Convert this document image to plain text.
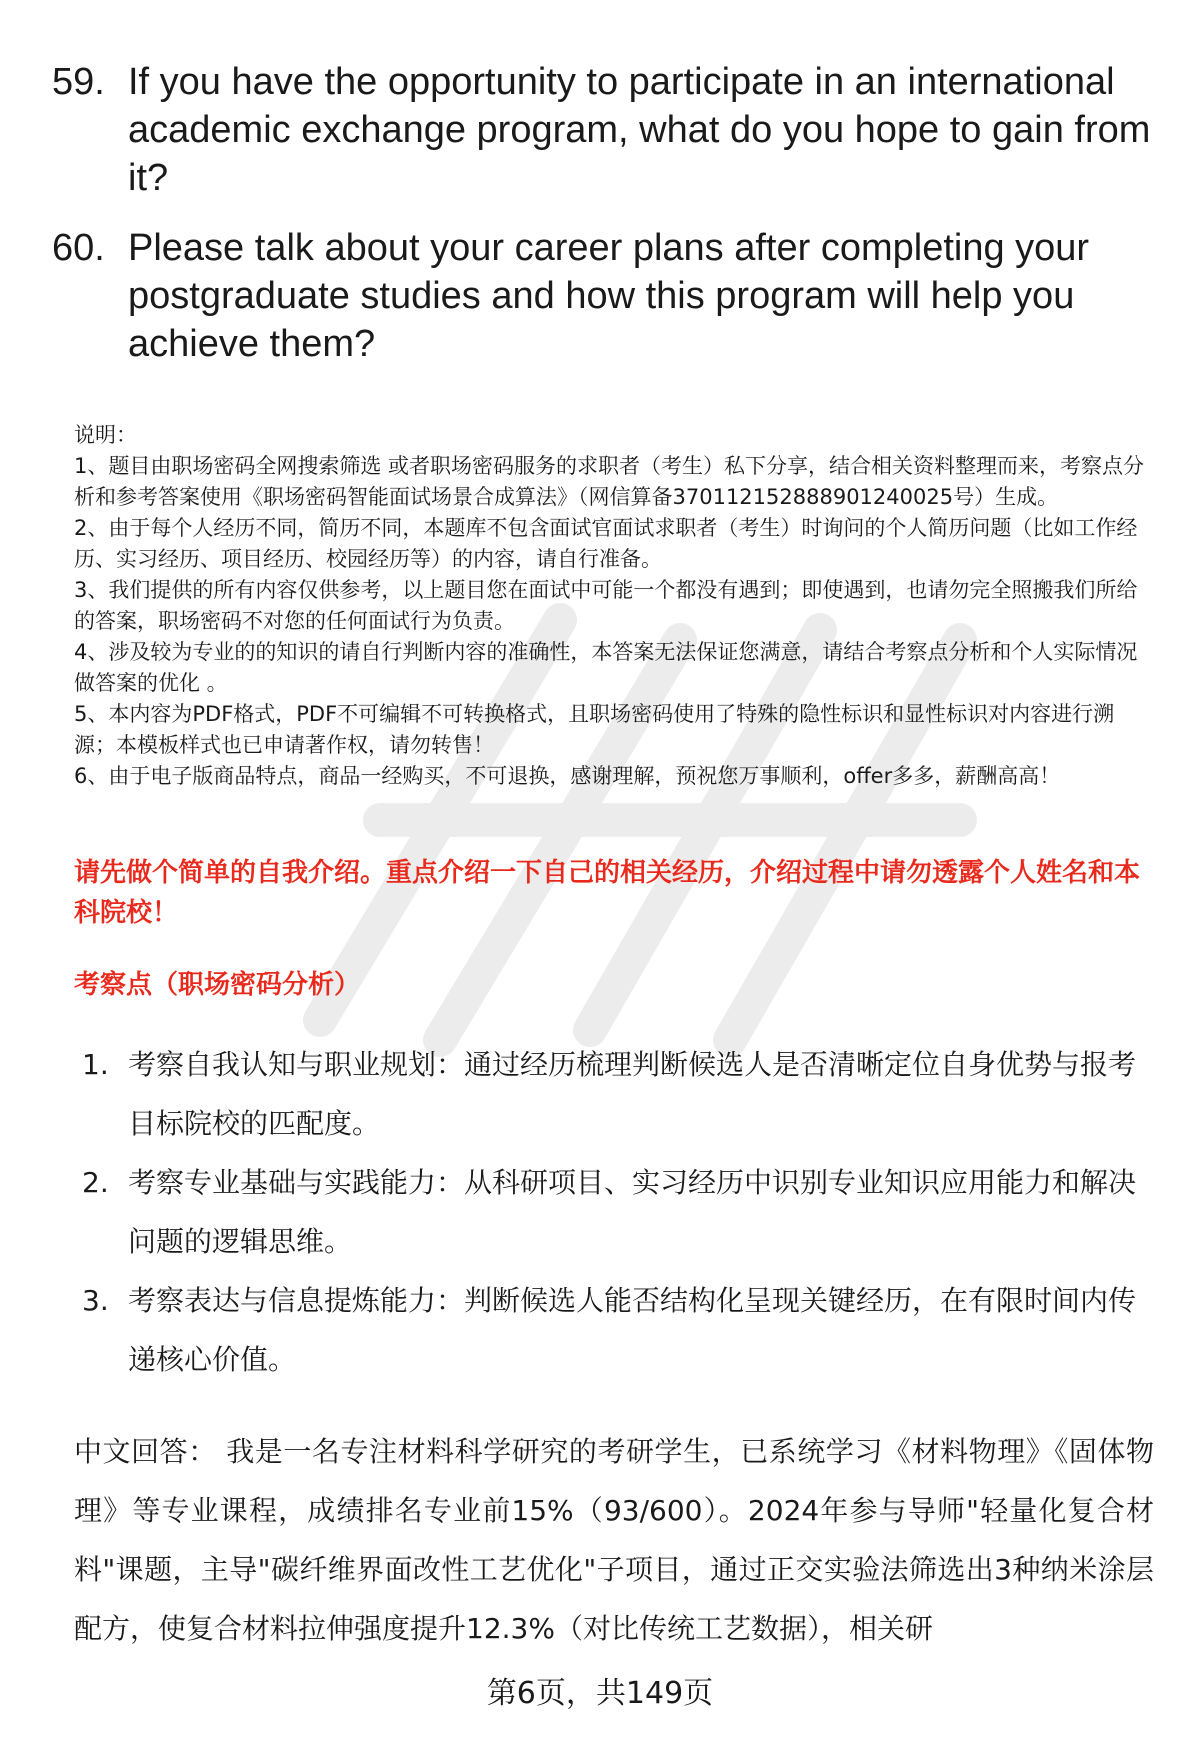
59. If you have the opportunity to participate in an international academic exchange program, what do you hope to gain from it?
60. Please talk about your career plans after completing your postgraduate studies and how this program will help you achieve them?

说明：

1、题目由职场密码全网搜索筛选 或者职场密码服务的求职者（考生）私下分享，结合相关资料整理而来，考察点分析和参考答案使用《职场密码智能面试场景合成算法》（网信算备370112152888901240025号）生成。

2、由于每个人经历不同，简历不同，本题库不包含面试官面试求职者（考生）时询问的个人简历问题（比如工作经历、实习经历、项目经历、校园经历等）的内容，请自行准备。

3、我们提供的所有内容仅供参考，以上题目您在面试中可能一个都没有遇到；即使遇到，也请勿完全照搬我们所给的答案，职场密码不对您的任何面试行为负责。

4、涉及较为专业的的知识的请自行判断内容的准确性，本答案无法保证您满意，请结合考察点分析和个人实际情况做答案的优化 。

5、本内容为PDF格式，PDF不可编辑不可转换格式，且职场密码使用了特殊的隐性标识和显性标识对内容进行溯源；本模板样式也已申请著作权，请勿转售！

6、由于电子版商品特点，商品一经购买，不可退换，感谢理解，预祝您万事顺利，offer多多，薪酬高高！

请先做个简单的自我介绍。重点介绍一下自己的相关经历，介绍过程中请勿透露个人姓名和本科院校！
考察点（职场密码分析）
1. 考察自我认知与职业规划：通过经历梳理判断候选人是否清晰定位自身优势与报考目标院校的匹配度。
2. 考察专业基础与实践能力：从科研项目、实习经历中识别专业知识应用能力和解决问题的逻辑思维。
3. 考察表达与信息提炼能力：判断候选人能否结构化呈现关键经历，在有限时间内传递核心价值。
中文回答： 我是一名专注材料科学研究的考研学生，已系统学习《材料物理》《固体物理》等专业课程，成绩排名专业前15%（93/600）。2024年参与导师"轻量化复合材料"课题，主导"碳纤维界面改性工艺优化"子项目，通过正交实验法筛选出3种纳米涂层配方，使复合材料拉伸强度提升12.3%（对比传统工艺数据），相关研
第6页，共149页
